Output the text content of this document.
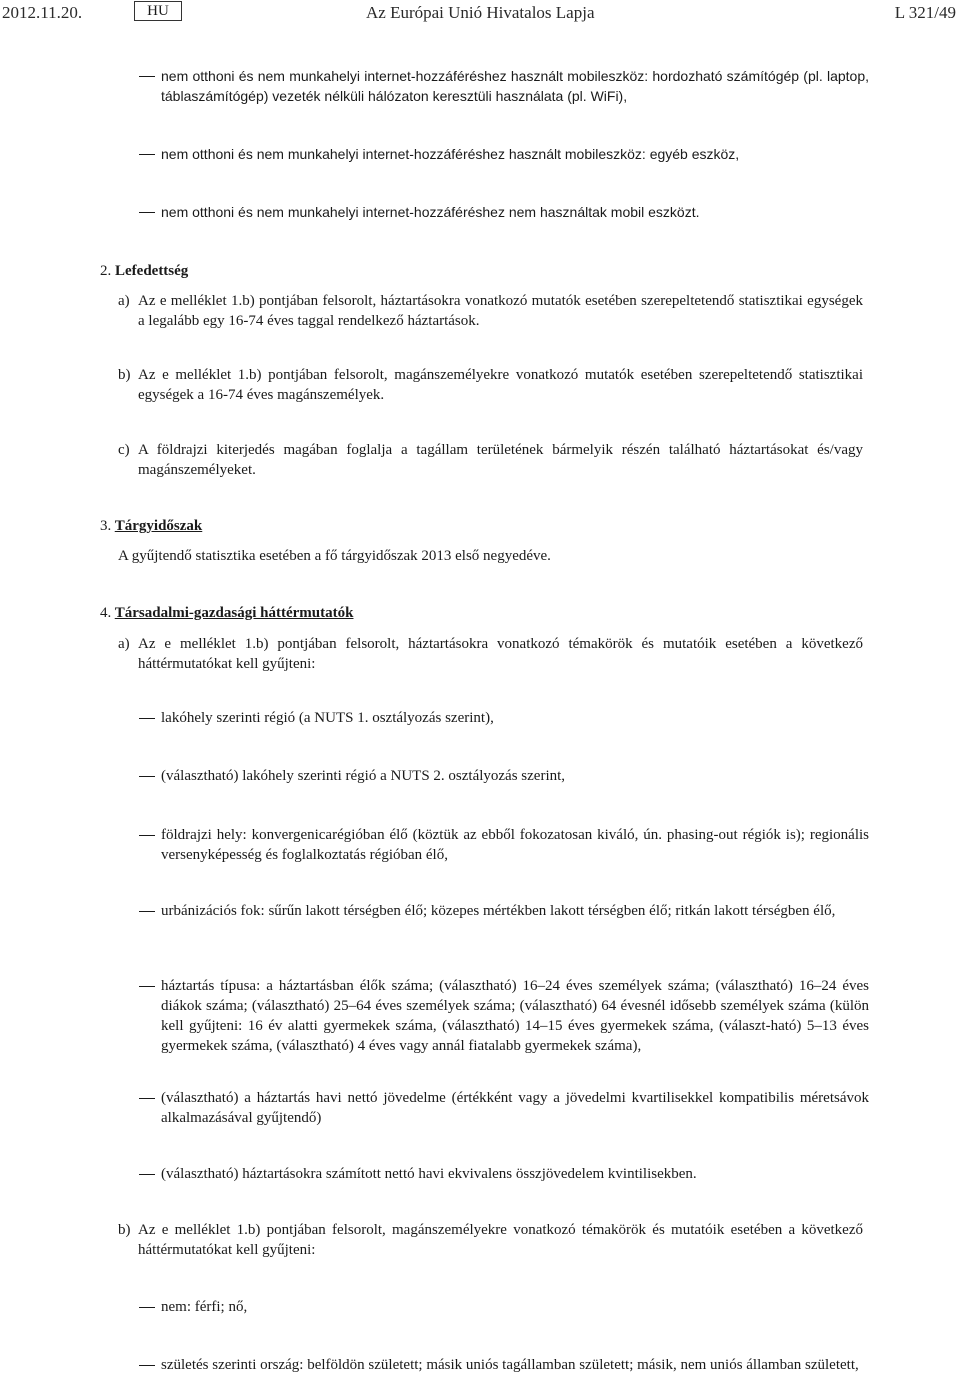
2012.11.20.	HU	Az Európai Unió Hivatalos Lapja	L 321/49
nem otthoni és nem munkahelyi internet-hozzáféréshez használt mobileszköz: hordozható számítógép (pl. laptop, táblaszámítógép) vezeték nélküli hálózaton keresztüli használata (pl. WiFi),
nem otthoni és nem munkahelyi internet-hozzáféréshez használt mobileszköz: egyéb eszköz,
nem otthoni és nem munkahelyi internet-hozzáféréshez nem használtak mobil eszközt.
2. Lefedettség
a) Az e melléklet 1.b) pontjában felsorolt, háztartásokra vonatkozó mutatók esetében szerepeltetendő statisztikai egységek a legalább egy 16-74 éves taggal rendelkező háztartások.
b) Az e melléklet 1.b) pontjában felsorolt, magánszemélyekre vonatkozó mutatók esetében szerepeltetendő statisztikai egységek a 16-74 éves magánszemélyek.
c) A földrajzi kiterjedés magában foglalja a tagállam területének bármelyik részén található háztartásokat és/vagy magánszemélyeket.
3. Tárgyidőszak
A gyűjtendő statisztika esetében a fő tárgyidőszak 2013 első negyedéve.
4. Társadalmi-gazdasági háttérmutatók
a) Az e melléklet 1.b) pontjában felsorolt, háztartásokra vonatkozó témakörök és mutatóik esetében a következő háttérmutatókat kell gyűjteni:
lakóhely szerinti régió (a NUTS 1. osztályozás szerint),
(választható) lakóhely szerinti régió a NUTS 2. osztályozás szerint,
földrajzi hely: konvergenicarégióban élő (köztük az ebből fokozatosan kiváló, ún. phasing-out régiók is); regionális versenyképesség és foglalkoztatás régióban élő,
urbánizációs fok: sűrűn lakott térségben élő; közepes mértékben lakott térségben élő; ritkán lakott térségben élő,
háztartás típusa: a háztartásban élők száma; (választható) 16–24 éves személyek száma; (választható) 16–24 éves diákok száma; (választható) 25–64 éves személyek száma; (választható) 64 évesnél idősebb személyek száma (külön kell gyűjteni: 16 év alatti gyermekek száma, (választható) 14–15 éves gyermekek száma, (választ-ható) 5–13 éves gyermekek száma, (választható) 4 éves vagy annál fiatalabb gyermekek száma),
(választható) a háztartás havi nettó jövedelme (értékként vagy a jövedelmi kvartilisekkel kompatibilis méretsávok alkalmazásával gyűjtendő)
(választható) háztartásokra számított nettó havi ekvivalens összjövedelem kvintilisekben.
b) Az e melléklet 1.b) pontjában felsorolt, magánszemélyekre vonatkozó témakörök és mutatóik esetében a következő háttérmutatókat kell gyűjteni:
nem: férfi; nő,
születés szerinti ország: belföldön született; másik uniós tagállamban született; másik, nem uniós államban született,
